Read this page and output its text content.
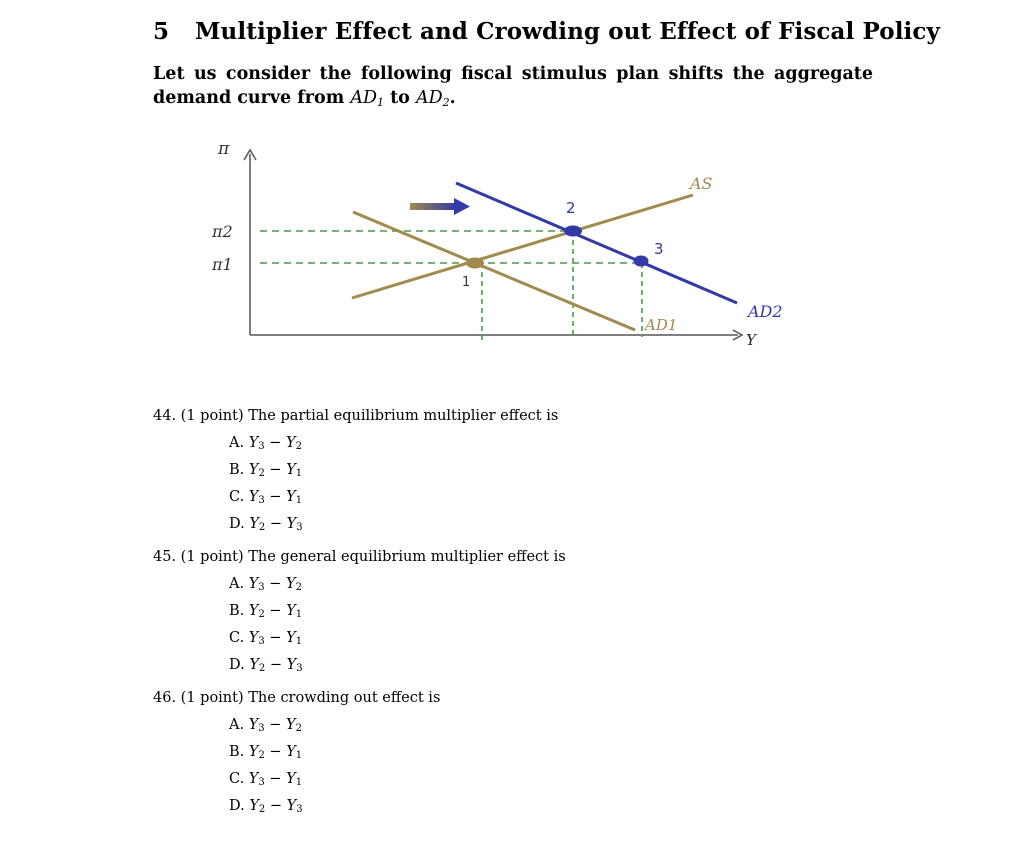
5 Multiplier Effect and Crowding out Effect of Fiscal Policy
Let us consider the following fiscal stimulus plan shifts the aggregate
demand curve from $AD_1$ to $AD_2$.
π
Y
π2
π1
AS
AD1
AD2
1
2
3
44. (1 point) The partial equilibrium multiplier effect is
A. $Y_3 - Y_2$
B. $Y_2 - Y_1$
C. $Y_3 - Y_1$
D. $Y_2 - Y_3$
45. (1 point) The general equilibrium multiplier effect is
A. $Y_3 - Y_2$
B. $Y_2 - Y_1$
C. $Y_3 - Y_1$
D. $Y_2 - Y_3$
46. (1 point) The crowding out effect is
A. $Y_3 - Y_2$
B. $Y_2 - Y_1$
C. $Y_3 - Y_1$
D. $Y_2 - Y_3$
